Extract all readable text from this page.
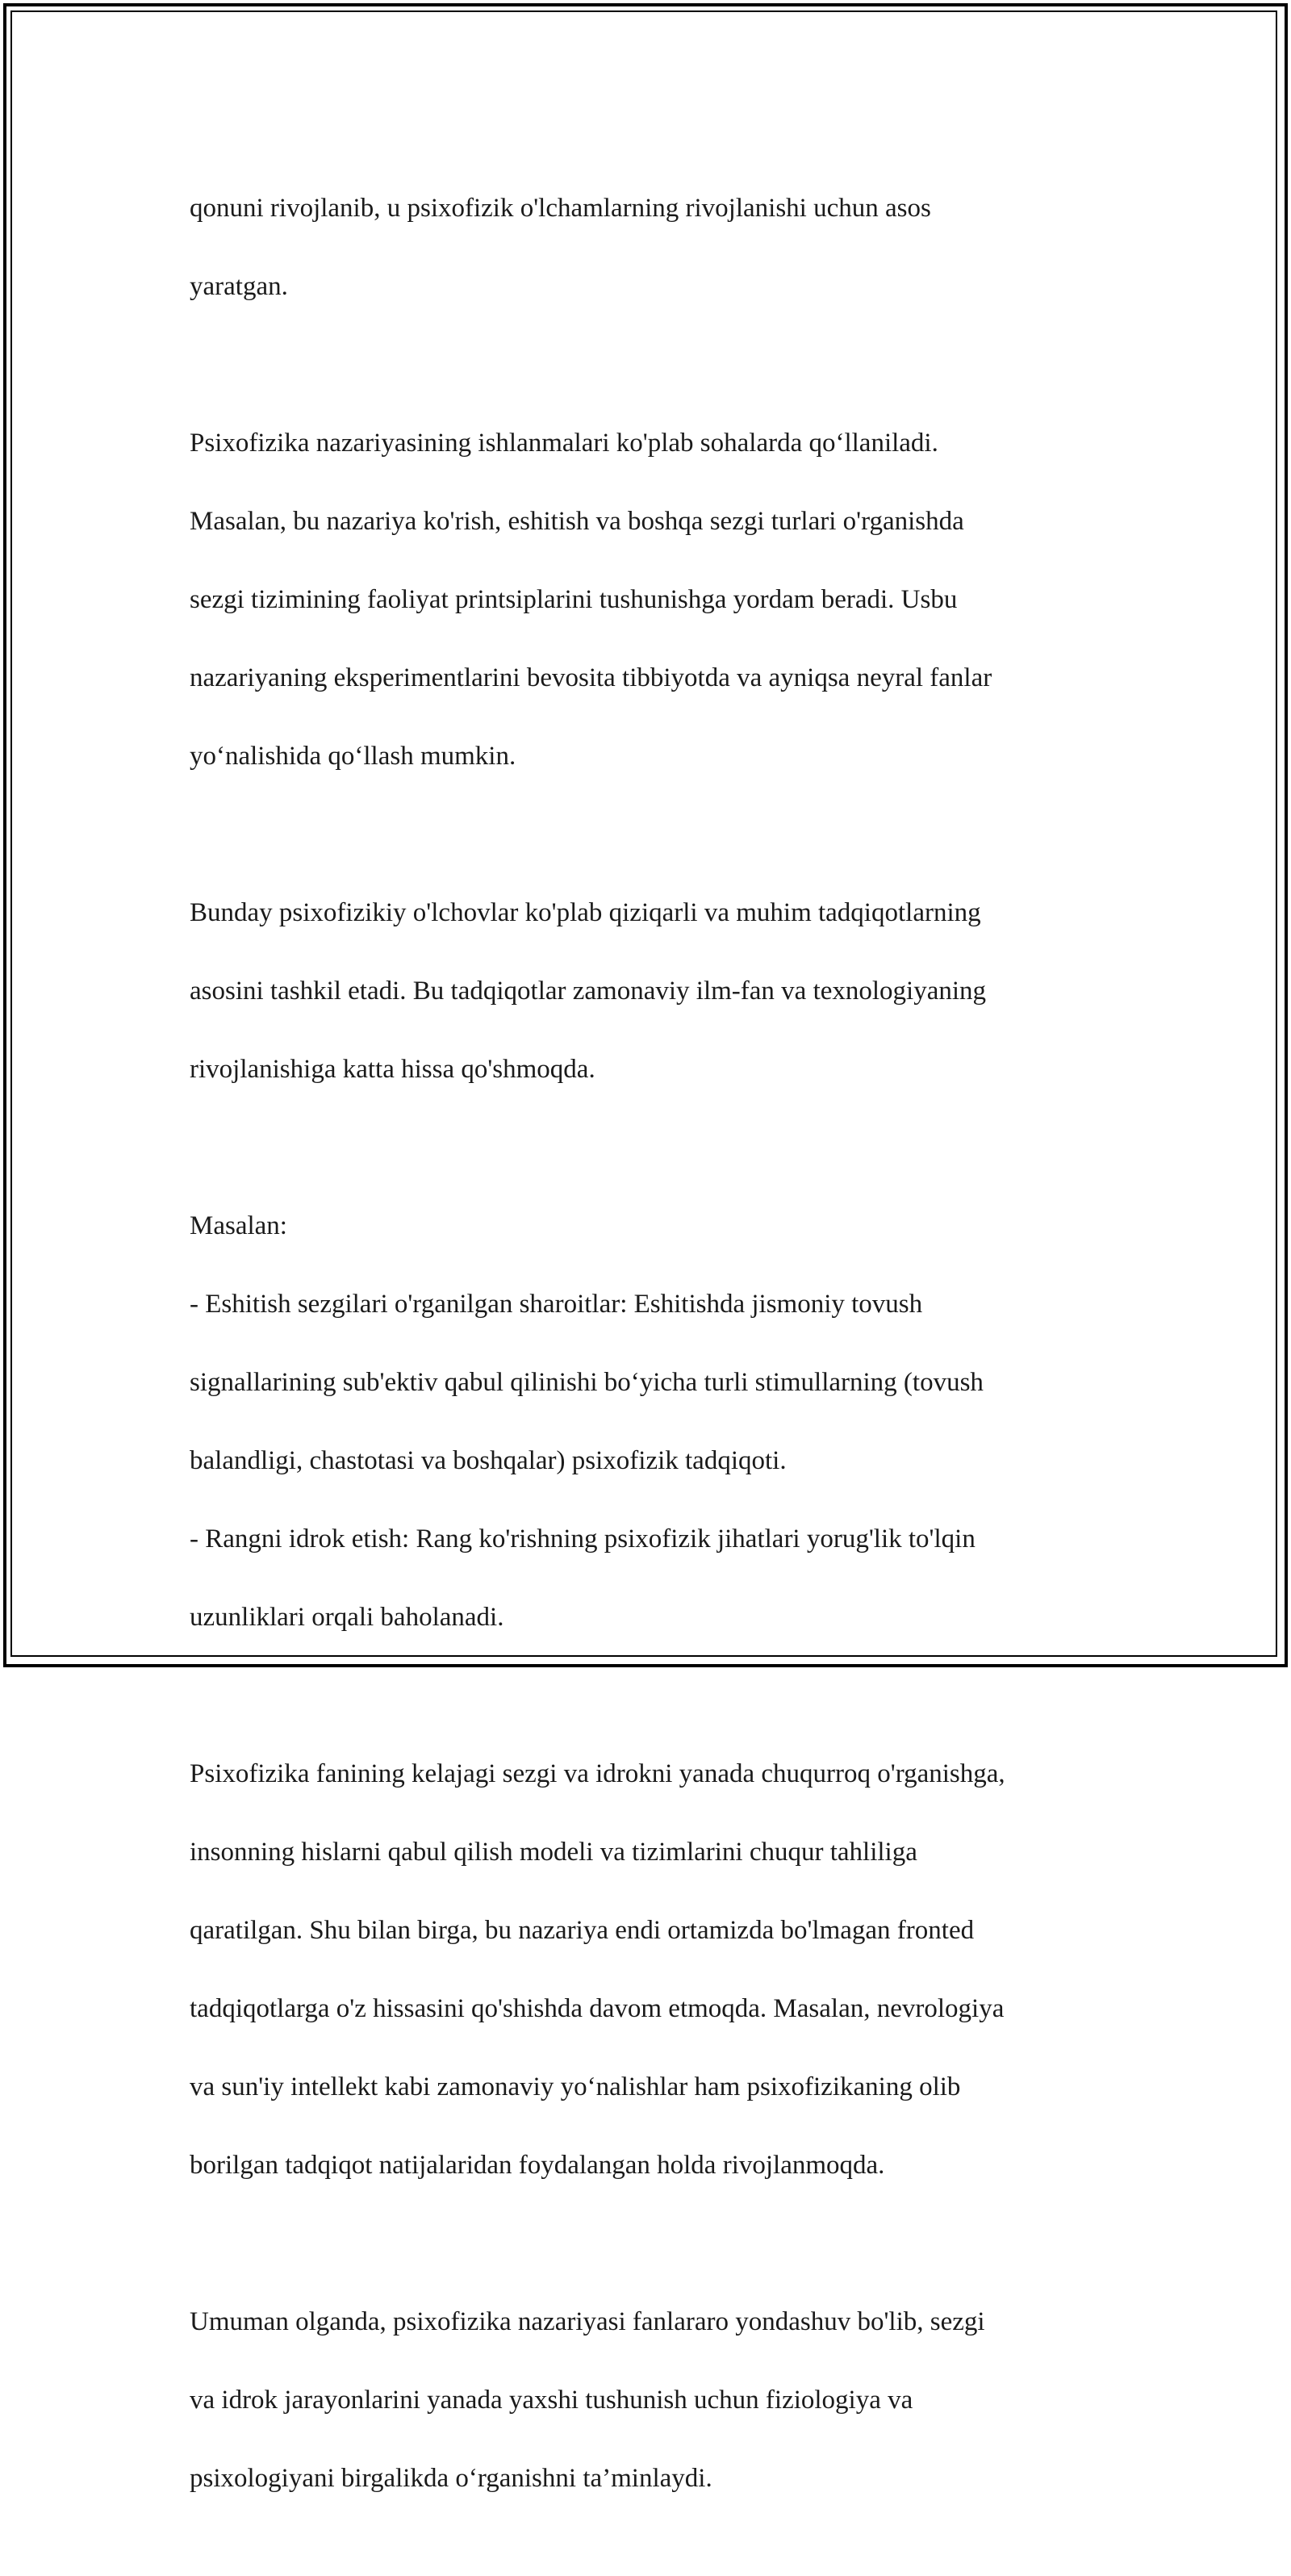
qonuni rivojlanib, u psixofizik o'lchamlarning rivojlanishi uchun asos

yaratgan.

Psixofizika nazariyasining ishlanmalari ko'plab sohalarda qo‘llaniladi.

Masalan, bu nazariya ko'rish, eshitish va boshqa sezgi turlari o'rganishda

sezgi tizimining faoliyat printsiplarini tushunishga yordam beradi. Usbu

nazariyaning eksperimentlarini bevosita tibbiyotda va ayniqsa neyral fanlar

yo‘nalishida qo‘llash mumkin.

Bunday psixofizikiy o'lchovlar ko'plab qiziqarli va muhim tadqiqotlarning

asosini tashkil etadi. Bu tadqiqotlar zamonaviy ilm-fan va texnologiyaning

rivojlanishiga katta hissa qo'shmoqda.

Masalan:

- Eshitish sezgilari o'rganilgan sharoitlar: Eshitishda jismoniy tovush

signallarining sub'ektiv qabul qilinishi bo‘yicha turli stimullarning (tovush

balandligi, chastotasi va boshqalar) psixofizik tadqiqoti.

- Rangni idrok etish: Rang ko'rishning psixofizik jihatlari yorug'lik to'lqin

uzunliklari orqali baholanadi.

Psixofizika fanining kelajagi sezgi va idrokni yanada chuqurroq o'rganishga,

insonning hislarni qabul qilish modeli va tizimlarini chuqur tahliliga

qaratilgan. Shu bilan birga, bu nazariya endi ortamizda bo'lmagan fronted

tadqiqotlarga o'z hissasini qo'shishda davom etmoqda. Masalan, nevrologiya

va sun'iy intellekt kabi zamonaviy yo‘nalishlar ham psixofizikaning olib

borilgan tadqiqot natijalaridan foydalangan holda rivojlanmoqda.

Umuman olganda, psixofizika nazariyasi fanlararo yondashuv bo'lib, sezgi

va idrok jarayonlarini yanada yaxshi tushunish uchun fiziologiya va

psixologiyani birgalikda o‘rganishni ta’minlaydi.
